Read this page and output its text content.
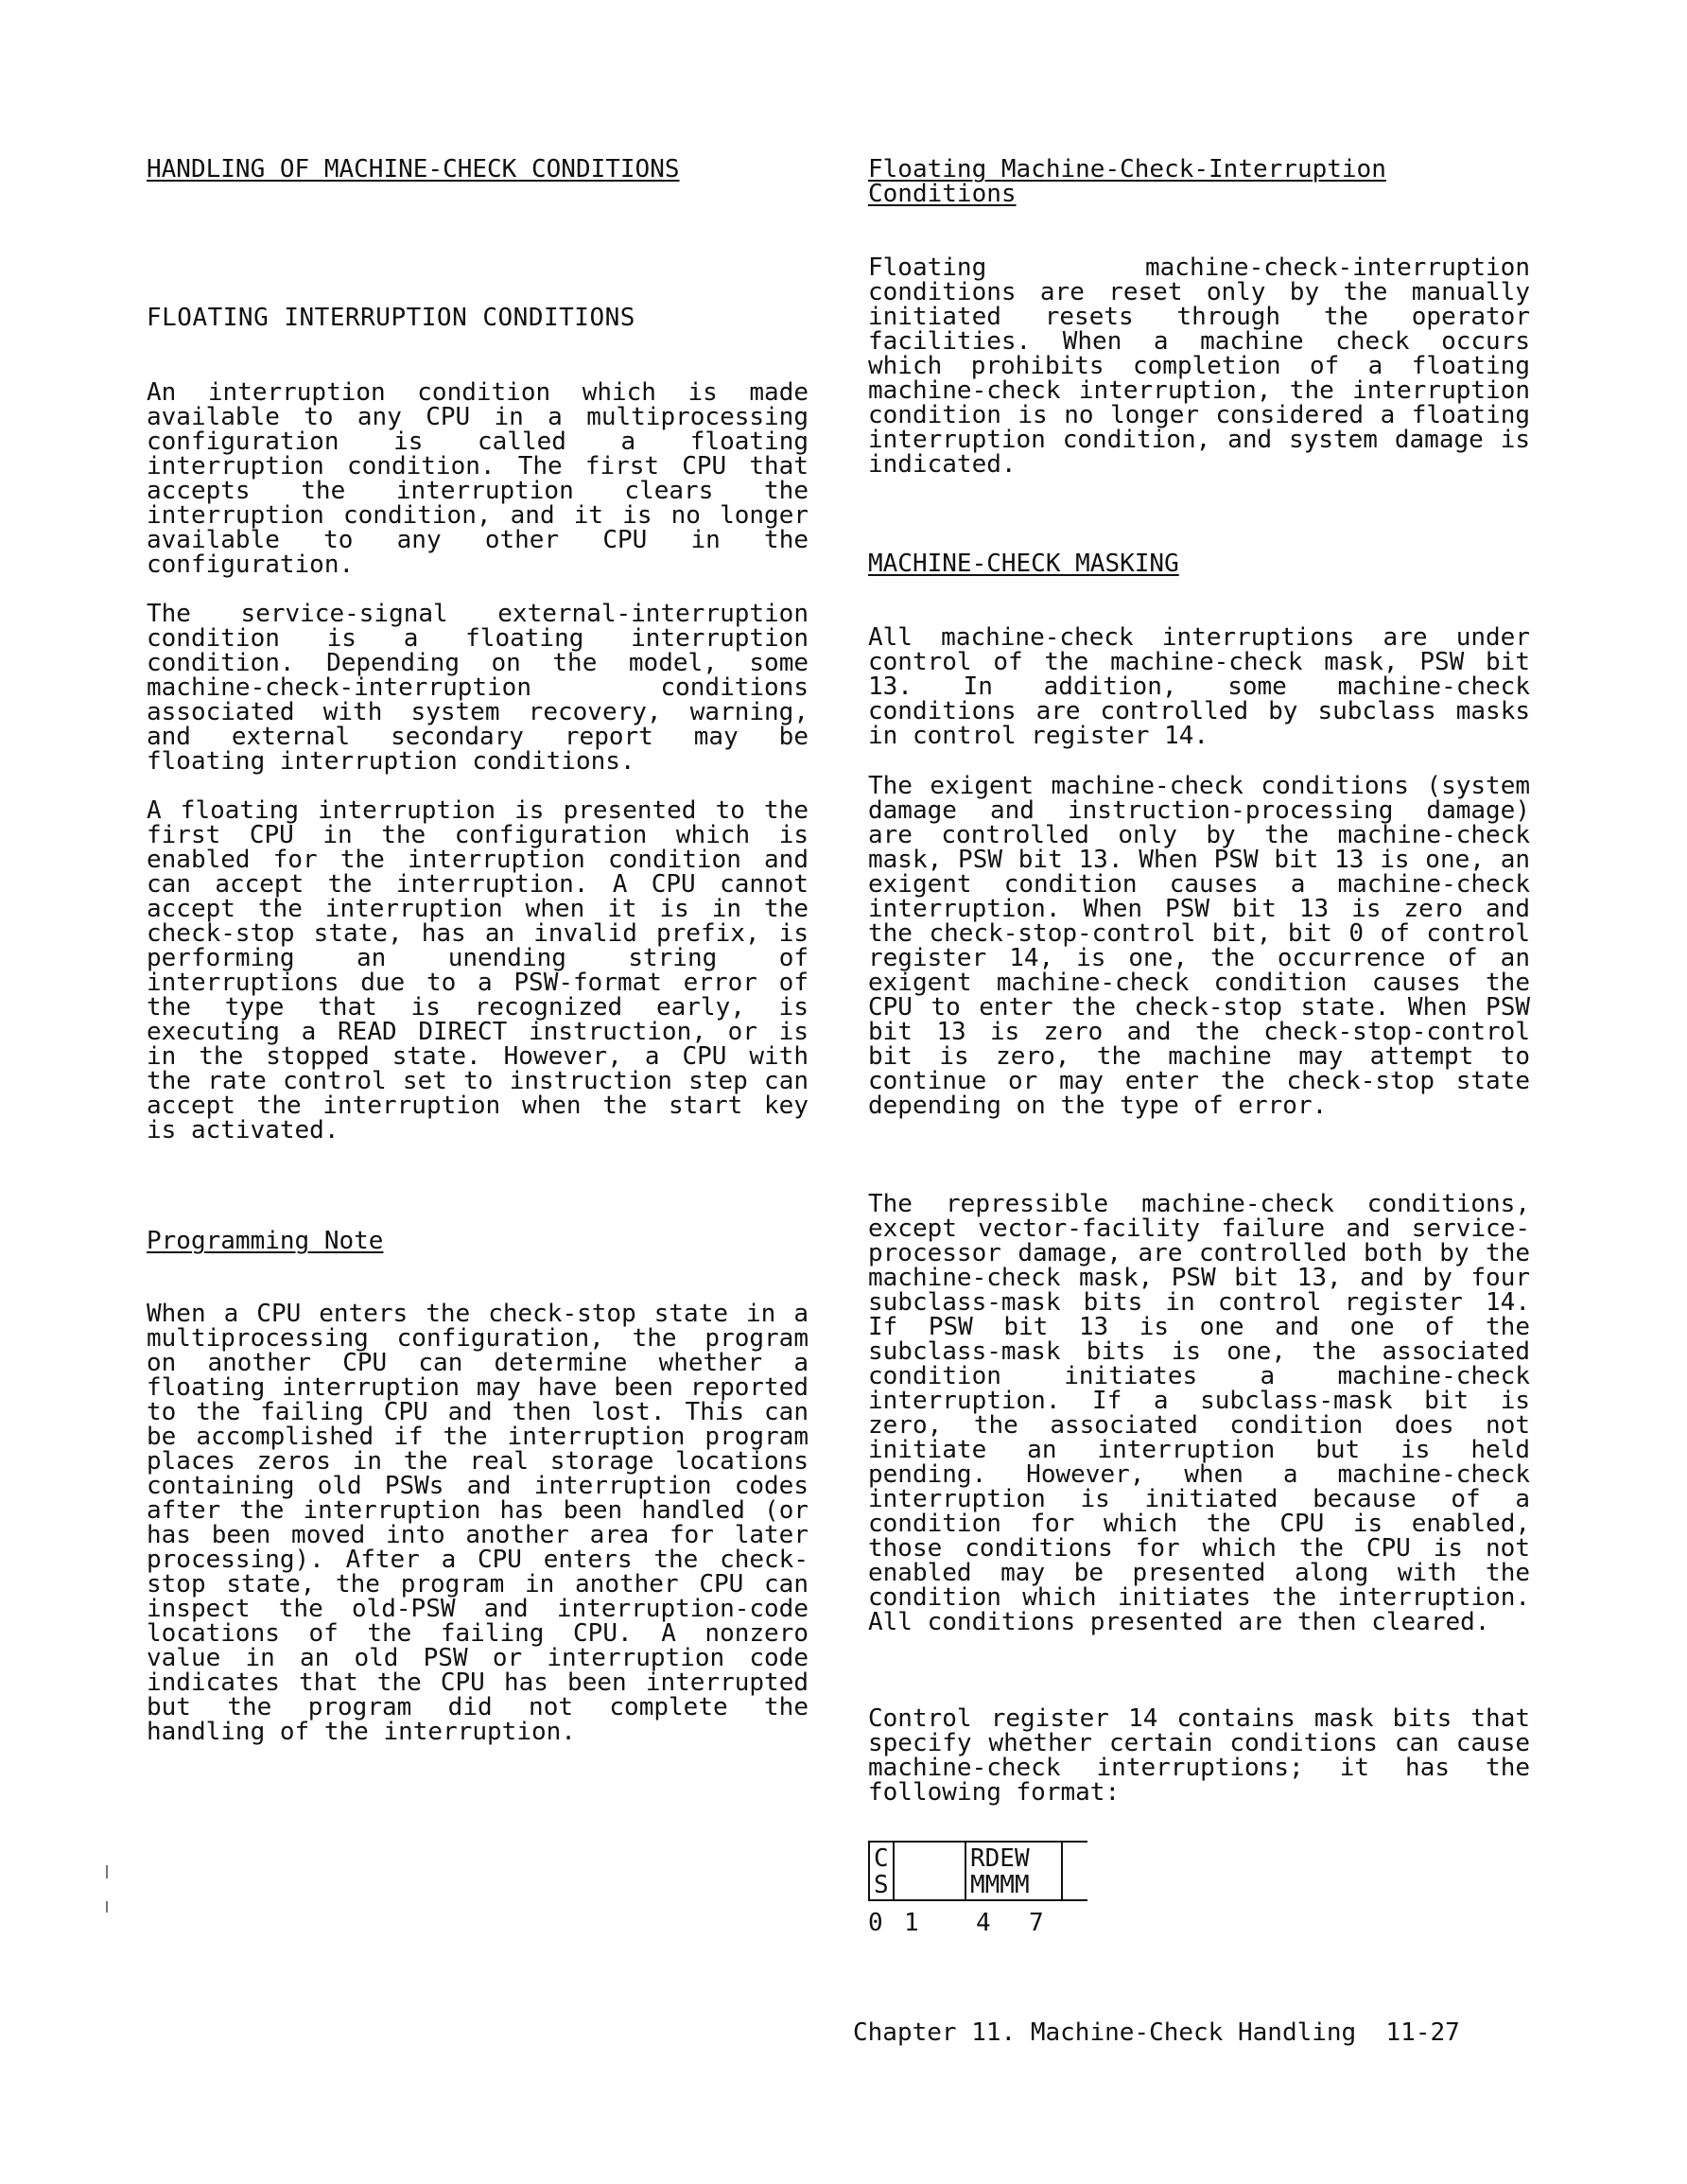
HANDLING OF MACHINE-CHECK CONDITIONS
FLOATING INTERRUPTION CONDITIONS

An interruption condition which is made available to any CPU in a multiprocessing configuration is called a floating interruption condition. The first CPU that accepts the interruption clears the interruption condition, and it is no longer available to any other CPU in the configuration.

The service-signal external-interruption condition is a floating interruption condition. Depending on the model, some machine-check-interruption conditions associated with system recovery, warning, and external secondary report may be floating interruption conditions.

A floating interruption is presented to the first CPU in the configuration which is enabled for the interruption condition and can accept the interruption. A CPU cannot accept the interruption when it is in the check-stop state, has an invalid prefix, is performing an unending string of interruptions due to a PSW-format error of the type that is recognized early, is executing a READ DIRECT instruction, or is in the stopped state. However, a CPU with the rate control set to instruction step can accept the interruption when the start key is activated.

Programming Note

When a CPU enters the check-stop state in a multiprocessing configuration, the program on another CPU can determine whether a floating interruption may have been reported to the failing CPU and then lost. This can be accomplished if the interruption program places zeros in the real storage locations containing old PSWs and interruption codes after the interruption has been handled (or has been moved into another area for later processing). After a CPU enters the check-stop state, the program in another CPU can inspect the old-PSW and interruption-code locations of the failing CPU. A nonzero value in an old PSW or interruption code indicates that the CPU has been interrupted but the program did not complete the handling of the interruption.

Floating Machine-Check-Interruption Conditions

Floating machine-check-interruption conditions are reset only by the manually initiated resets through the operator facilities. When a machine check occurs which prohibits completion of a floating machine-check interruption, the interruption condition is no longer considered a floating interruption condition, and system damage is indicated.

MACHINE-CHECK MASKING

All machine-check interruptions are under control of the machine-check mask, PSW bit 13. In addition, some machine-check conditions are controlled by subclass masks in control register 14.

The exigent machine-check conditions (system damage and instruction-processing damage) are controlled only by the machine-check mask, PSW bit 13. When PSW bit 13 is one, an exigent condition causes a machine-check interruption. When PSW bit 13 is zero and the check-stop-control bit, bit 0 of control register 14, is one, the occurrence of an exigent machine-check condition causes the CPU to enter the check-stop state. When PSW bit 13 is zero and the check-stop-control bit is zero, the machine may attempt to continue or may enter the check-stop state depending on the type of error.

The repressible machine-check conditions, except vector-facility failure and service-processor damage, are controlled both by the machine-check mask, PSW bit 13, and by four subclass-mask bits in control register 14. If PSW bit 13 is one and one of the subclass-mask bits is one, the associated condition initiates a machine-check interruption. If a subclass-mask bit is zero, the associated condition does not initiate an interruption but is held pending. However, when a machine-check interruption is initiated because of a condition for which the CPU is enabled, those conditions for which the CPU is not enabled may be presented along with the condition which initiates the interruption. All conditions presented are then cleared.

Control register 14 contains mask bits that specify whether certain conditions can cause machine-check interruptions; it has the following format:

C
S
RDEW
MMMM
0 1 4 7
Chapter 11. Machine-Check Handling 11-27
